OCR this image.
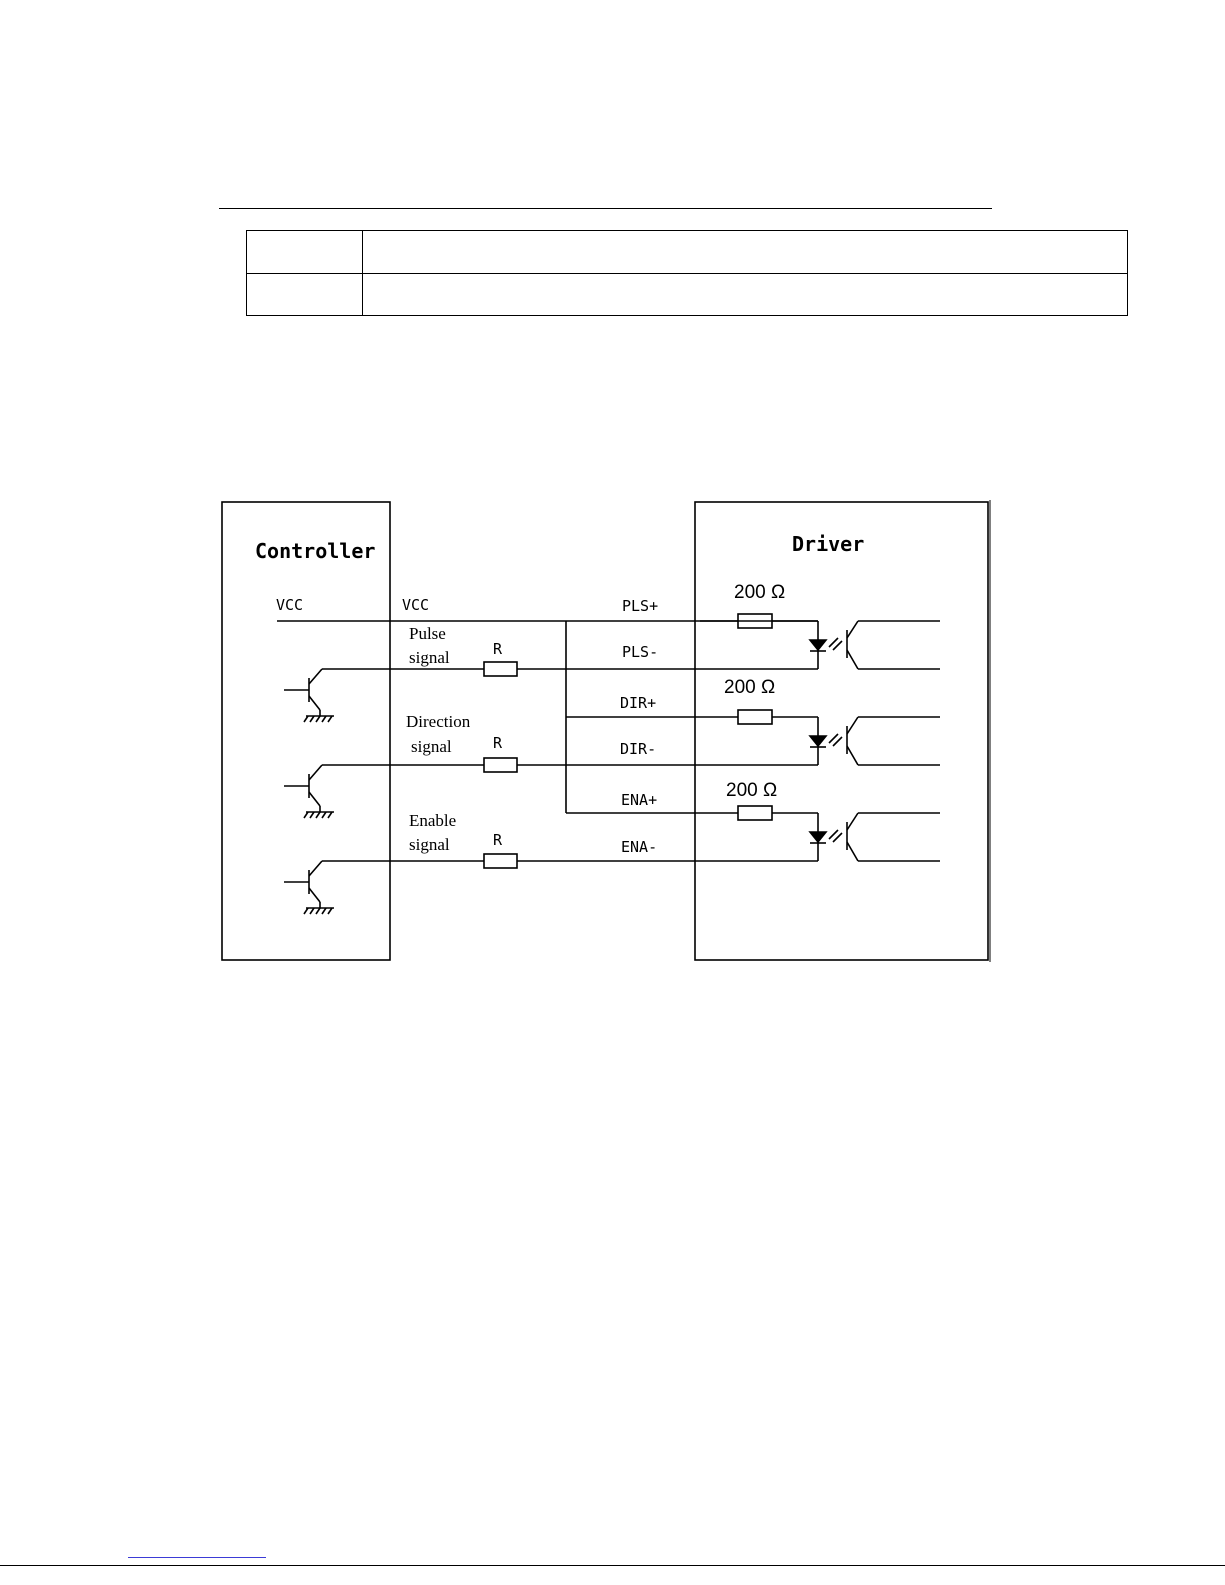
Controller	Driver
VCC	VCC
Pulse
signal
Direction
signal
Enable
signal
R
R
R
PLS+
PLS-
DIR+
DIR-
ENA+
ENA-
200 Ω
200 Ω
200 Ω
